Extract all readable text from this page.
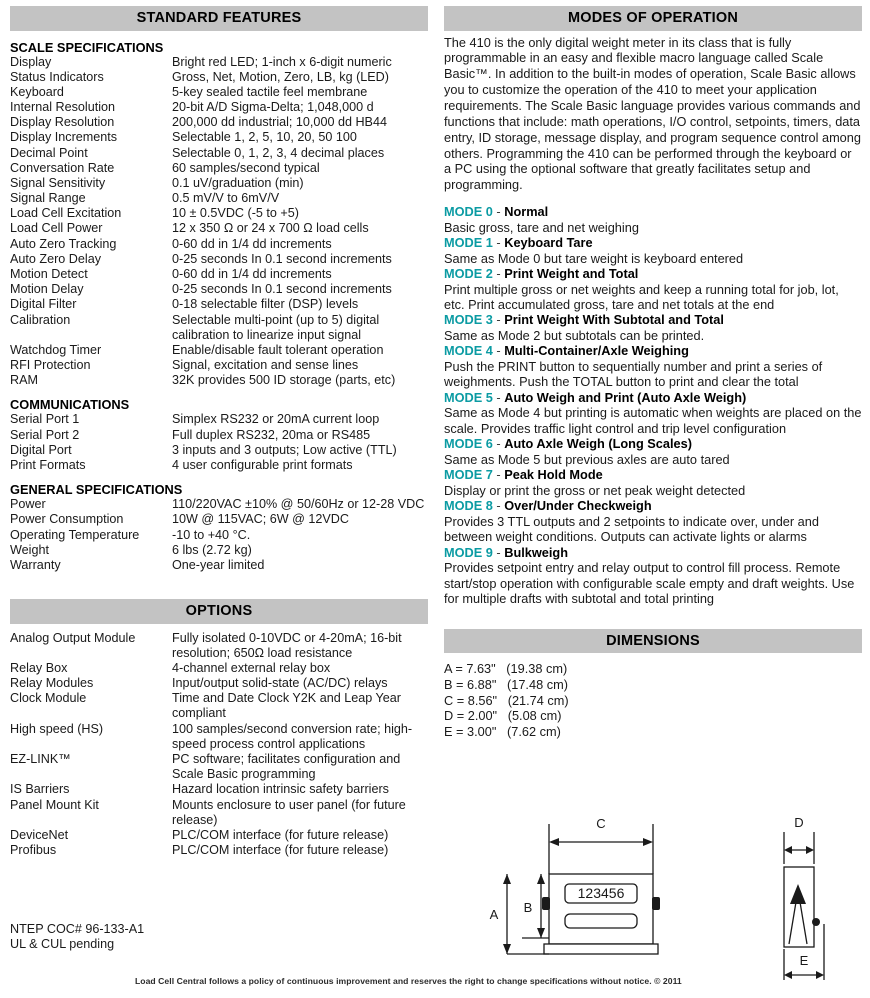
STANDARD FEATURES
SCALE SPECIFICATIONS
Display	Bright red LED; 1-inch x 6-digit numeric
Status Indicators	Gross, Net, Motion, Zero, LB, kg (LED)
Keyboard	5-key sealed tactile feel membrane
Internal Resolution	20-bit A/D Sigma-Delta; 1,048,000 d
Display Resolution	200,000 dd industrial; 10,000 dd HB44
Display Increments	Selectable 1, 2, 5, 10, 20, 50 100
Decimal Point	Selectable 0, 1, 2, 3, 4 decimal places
Conversation Rate	60 samples/second typical
Signal Sensitivity	0.1 uV/graduation (min)
Signal Range	0.5 mV/V to 6mV/V
Load Cell Excitation	10 ± 0.5VDC (-5 to +5)
Load Cell Power	12 x 350 Ω or 24 x 700 Ω load cells
Auto Zero Tracking	0-60 dd in 1/4 dd increments
Auto Zero Delay	0-25 seconds In 0.1 second increments
Motion Detect	0-60 dd in 1/4 dd increments
Motion Delay	0-25 seconds In 0.1 second increments
Digital Filter	0-18 selectable filter (DSP) levels
Calibration	Selectable multi-point (up to 5) digital calibration to linearize input signal
Watchdog Timer	Enable/disable fault tolerant operation
RFI Protection	Signal, excitation and sense lines
RAM	32K provides 500 ID storage (parts, etc)
COMMUNICATIONS
Serial Port 1	Simplex RS232 or 20mA current loop
Serial Port 2	Full duplex RS232, 20ma or RS485
Digital Port	3 inputs and 3 outputs; Low active (TTL)
Print Formats	4 user configurable print formats
GENERAL SPECIFICATIONS
Power	110/220VAC ±10% @ 50/60Hz or 12-28 VDC
Power Consumption	10W @ 115VAC; 6W @ 12VDC
Operating Temperature	-10 to +40 °C.
Weight	6 lbs (2.72 kg)
Warranty	One-year limited
OPTIONS
Analog Output Module	Fully isolated 0-10VDC or 4-20mA; 16-bit resolution; 650Ω load resistance
Relay Box	4-channel external relay box
Relay Modules	Input/output solid-state (AC/DC) relays
Clock Module	Time and Date Clock Y2K and Leap Year compliant
High speed (HS)	100 samples/second conversion rate; high-speed process control applications
EZ-LINK™	PC software; facilitates configuration and Scale Basic programming
IS Barriers	Hazard location intrinsic safety barriers
Panel Mount Kit	Mounts enclosure to user panel (for future release)
DeviceNet	PLC/COM interface (for future release)
Profibus	PLC/COM interface (for future release)
MODES OF OPERATION

The 410 is the only digital weight meter in its class that is fully programmable in an easy and flexible macro language called Scale Basic™. In addition to the built-in modes of operation, Scale Basic allows you to customize the operation of the 410 to meet your application requirements. The Scale Basic language provides various commands and functions that include: math operations, I/O control, setpoints, timers, data entry, ID storage, message display, and program sequence control among others. Programming the 410 can be performed through the keyboard or a PC using the optional software that greatly facilitates setup and programming.

MODE 0 - Normal
Basic gross, tare and net weighing
MODE 1 - Keyboard Tare
Same as Mode 0 but tare weight is keyboard entered
MODE 2 - Print Weight and Total
Print multiple gross or net weights and keep a running total for job, lot, etc. Print accumulated gross, tare and net totals at the end
MODE 3 - Print Weight With Subtotal and Total
Same as Mode 2 but subtotals can be printed.
MODE 4 - Multi-Container/Axle Weighing
Push the PRINT button to sequentially number and print a series of weighments. Push the TOTAL button to print and clear the total
MODE 5 - Auto Weigh and Print (Auto Axle Weigh)
Same as Mode 4 but printing is automatic when weights are placed on the scale. Provides traffic light control and trip level configuration
MODE 6 - Auto Axle Weigh (Long Scales)
Same as Mode 5 but previous axles are auto tared
MODE 7 - Peak Hold Mode
Display or print the gross or net peak weight detected
MODE 8 - Over/Under Checkweigh
Provides 3 TTL outputs and 2 setpoints to indicate over, under and between weight conditions. Outputs can activate lights or alarms
MODE 9 - Bulkweigh
Provides setpoint entry and relay output to control fill process. Remote start/stop operation with configurable scale empty and draft weights. Use for multiple drafts with subtotal and total printing
DIMENSIONS
A = 7.63"   (19.38 cm)
B = 6.88"   (17.48 cm)
C = 8.56"   (21.74 cm)
D = 2.00"   (5.08 cm)
E = 3.00"   (7.62 cm)
123456
C
A B
D
E
NTEP COC# 96-133-A1
UL & CUL pending
Load Cell Central follows a policy of continuous improvement and reserves the right to change specifications without notice. © 2011
